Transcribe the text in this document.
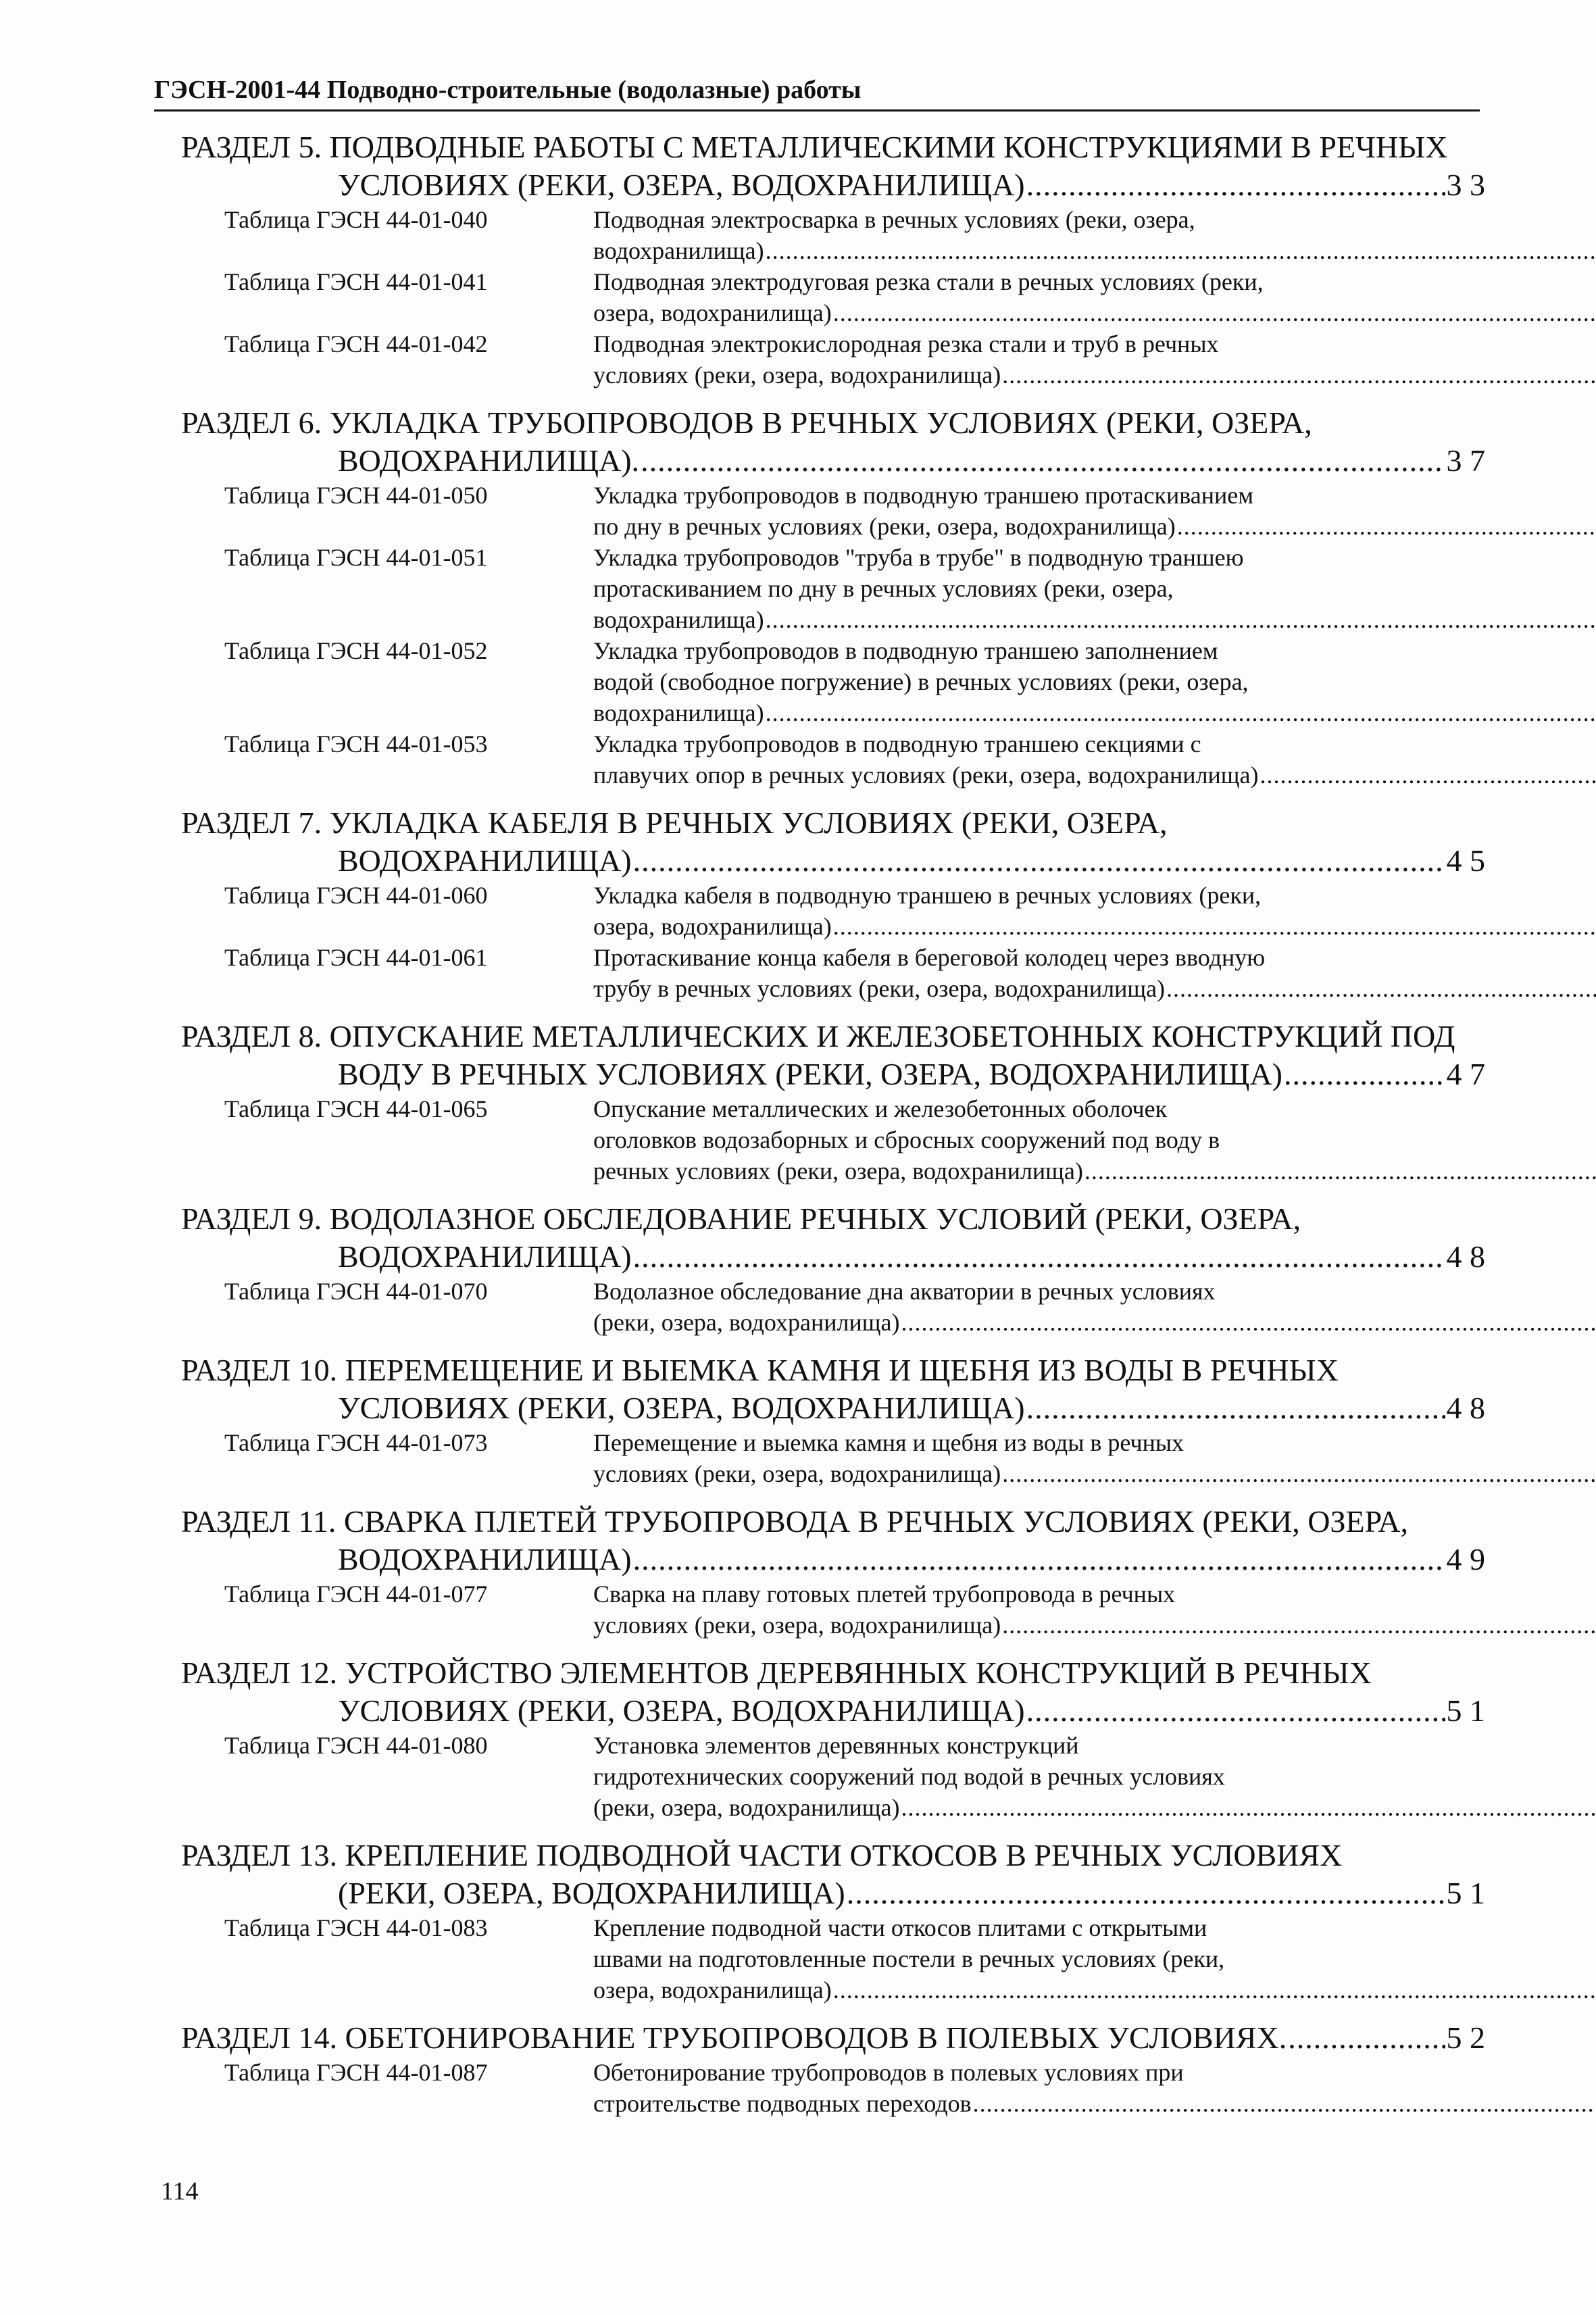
ГЭСН-2001-44 Подводно-строительные (водолазные) работы
РАЗДЕЛ 5. ПОДВОДНЫЕ РАБОТЫ С МЕТАЛЛИЧЕСКИМИ КОНСТРУКЦИЯМИ В РЕЧНЫХ
УСЛОВИЯХ (РЕКИ, ОЗЕРА, ВОДОХРАНИЛИЩА) .....	3 3
Таблица ГЭСН 44-01-040	Подводная электросварка в речных условиях (реки, озера,
водохранилища)
.....
Таблица ГЭСН 44-01-041	Подводная электродуговая резка стали в речных условиях (реки,
озера, водохранилища)
.....
Таблица ГЭСН 44-01-042	Подводная электрокислородная резка стали и труб в речных
условиях (реки, озера, водохранилища)
.....
РАЗДЕЛ 6. УКЛАДКА ТРУБОПРОВОДОВ В РЕЧНЫХ УСЛОВИЯХ (РЕКИ, ОЗЕРА,
ВОДОХРАНИЛИЩА). .....	3 7
Таблица ГЭСН 44-01-050	Укладка трубопроводов в подводную траншею протаскиванием
по дну в речных условиях (реки, озера, водохранилища)
.....
Таблица ГЭСН 44-01-051	Укладка трубопроводов "труба в трубе" в подводную траншею
протаскиванием по дну в речных условиях (реки, озера,
водохранилища)
.....
Таблица ГЭСН 44-01-052	Укладка трубопроводов в подводную траншею заполнением
водой (свободное погружение) в речных условиях (реки, озера,
водохранилища)
.....
Таблица ГЭСН 44-01-053	Укладка трубопроводов в подводную траншею секциями с
плавучих опор в речных условиях (реки, озера, водохранилища)
.....
РАЗДЕЛ 7. УКЛАДКА КАБЕЛЯ В РЕЧНЫХ УСЛОВИЯХ (РЕКИ, ОЗЕРА,
ВОДОХРАНИЛИЩА) .....	4 5
Таблица ГЭСН 44-01-060	Укладка кабеля в подводную траншею в речных условиях (реки,
озера, водохранилища)
.....
Таблица ГЭСН 44-01-061	Протаскивание конца кабеля в береговой колодец через вводную
трубу в речных условиях (реки, озера, водохранилища)
.....
РАЗДЕЛ 8. ОПУСКАНИЕ МЕТАЛЛИЧЕСКИХ И ЖЕЛЕЗОБЕТОННЫХ КОНСТРУКЦИЙ ПОД
ВОДУ В РЕЧНЫХ УСЛОВИЯХ (РЕКИ, ОЗЕРА, ВОДОХРАНИЛИЩА) .....	4 7
Таблица ГЭСН 44-01-065	Опускание металлических и железобетонных оболочек
оголовков водозаборных и сбросных сооружений под воду в
речных условиях (реки, озера, водохранилища)
.....
РАЗДЕЛ 9. ВОДОЛАЗНОЕ ОБСЛЕДОВАНИЕ РЕЧНЫХ УСЛОВИЙ (РЕКИ, ОЗЕРА,
ВОДОХРАНИЛИЩА) .....	4 8
Таблица ГЭСН 44-01-070	Водолазное обследование дна акватории в речных условиях
(реки, озера, водохранилища)
.....
РАЗДЕЛ 10. ПЕРЕМЕЩЕНИЕ И ВЫЕМКА КАМНЯ И ЩЕБНЯ ИЗ ВОДЫ В РЕЧНЫХ
УСЛОВИЯХ (РЕКИ, ОЗЕРА, ВОДОХРАНИЛИЩА) .....	4 8
Таблица ГЭСН 44-01-073	Перемещение и выемка камня и щебня из воды в речных
условиях (реки, озера, водохранилища)
.....
РАЗДЕЛ 11. СВАРКА ПЛЕТЕЙ ТРУБОПРОВОДА В РЕЧНЫХ УСЛОВИЯХ (РЕКИ, ОЗЕРА,
ВОДОХРАНИЛИЩА) .....	4 9
Таблица ГЭСН 44-01-077	Сварка на плаву готовых плетей трубопровода в речных
условиях (реки, озера, водохранилища)
.....
РАЗДЕЛ 12. УСТРОЙСТВО ЭЛЕМЕНТОВ ДЕРЕВЯННЫХ КОНСТРУКЦИЙ В РЕЧНЫХ
УСЛОВИЯХ (РЕКИ, ОЗЕРА, ВОДОХРАНИЛИЩА) .....	5 1
Таблица ГЭСН 44-01-080	Установка элементов деревянных конструкций
гидротехнических сооружений под водой в речных условиях
(реки, озера, водохранилища)
.....
РАЗДЕЛ 13. КРЕПЛЕНИЕ ПОДВОДНОЙ ЧАСТИ ОТКОСОВ В РЕЧНЫХ УСЛОВИЯХ
(РЕКИ, ОЗЕРА, ВОДОХРАНИЛИЩА) .....	5 1
Таблица ГЭСН 44-01-083	Крепление подводной части откосов плитами с открытыми
швами на подготовленные постели в речных условиях (реки,
озера, водохранилища)
.....
РАЗДЕЛ 14. ОБЕТОНИРОВАНИЕ ТРУБОПРОВОДОВ В ПОЛЕВЫХ УСЛОВИЯХ. .....	5 2
Таблица ГЭСН 44-01-087	Обетонирование трубопроводов в полевых условиях при
строительстве подводных переходов
.....
114
